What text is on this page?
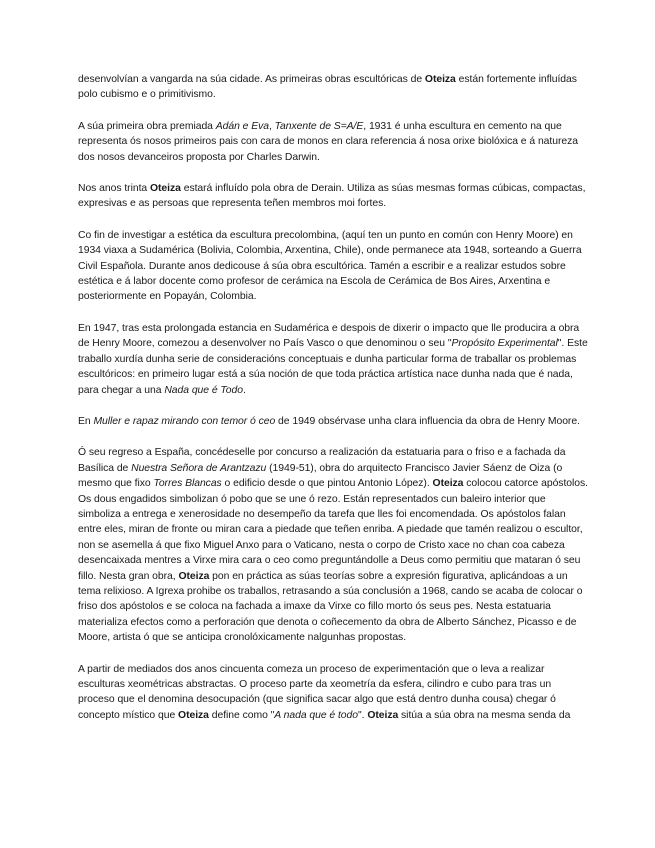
desenvolvían a vangarda na súa cidade. As primeiras obras escultóricas de Oteiza están fortemente influídas polo cubismo e o primitivismo.

A súa primeira obra premiada Adán e Eva, Tanxente de S=A/E, 1931 é unha escultura en cemento na que representa ós nosos primeiros pais con cara de monos en clara referencia á nosa orixe biolóxica e á natureza dos nosos devanceiros proposta por Charles Darwin.

Nos anos trinta Oteiza estará influído pola obra de Derain. Utiliza as súas mesmas formas cúbicas, compactas, expresivas e as persoas que representa teñen membros moi fortes.

Co fin de investigar a estética da escultura precolombina, (aquí ten un punto en común con Henry Moore) en 1934 viaxa a Sudamérica (Bolivia, Colombia, Arxentina, Chile), onde permanece ata 1948, sorteando a Guerra Civil Española. Durante anos dedicouse á súa obra escultórica. Tamén a escribir e a realizar estudos sobre estética e á labor docente como profesor de cerámica na Escola de Cerámica de Bos Aires, Arxentina e posteriormente en Popayán, Colombia.

En 1947, tras esta prolongada estancia en Sudamérica e despois de dixerir o impacto que lle producira a obra de Henry Moore, comezou a desenvolver no País Vasco o que denominou o seu "Propósito Experimental". Este traballo xurdía dunha serie de consideracións conceptuais e dunha particular forma de traballar os problemas escultóricos: en primeiro lugar está a súa noción de que toda práctica artística nace dunha nada que é nada, para chegar a una Nada que é Todo.

En Muller e rapaz mirando con temor ó ceo de 1949 obsérvase unha clara influencia da obra de Henry Moore.

Ó seu regreso a España, concédeselle por concurso a realización da estatuaria para o friso e a fachada da Basílica de Nuestra Señora de Arantzazu (1949-51), obra do arquitecto Francisco Javier Sáenz de Oiza (o mesmo que fixo Torres Blancas o edificio desde o que pintou Antonio López). Oteiza colocou catorce apóstolos. Os dous engadidos simbolizan ó pobo que se une ó rezo. Están representados cun baleiro interior que simboliza a entrega e xenerosidade no desempeño da tarefa que lles foi encomendada. Os apóstolos falan entre eles, miran de fronte ou miran cara a piedade que teñen enriba. A piedade que tamén realizou o escultor, non se asemella á que fixo Miguel Anxo para o Vaticano, nesta o corpo de Cristo xace no chan coa cabeza desencaixada mentres a Virxe mira cara o ceo como preguntándolle a Deus como permitiu que mataran ó seu fillo. Nesta gran obra, Oteiza pon en práctica as súas teorías sobre a expresión figurativa, aplicándoas a un tema relixioso. A Igrexa prohibe os traballos, retrasando a súa conclusión a 1968, cando se acaba de colocar o friso dos apóstolos e se coloca na fachada a imaxe da Virxe co fillo morto ós seus pes. Nesta estatuaria materializa efectos como a perforación que denota o coñecemento da obra de Alberto Sánchez, Picasso e de Moore, artista ó que se anticipa cronolóxicamente nalgunhas propostas.

A partir de mediados dos anos cincuenta comeza un proceso de experimentación que o leva a realizar esculturas xeométricas abstractas. O proceso parte da xeometría da esfera, cilindro e cubo para tras un proceso que el denomina desocupación (que significa sacar algo que está dentro dunha cousa) chegar ó concepto místico que Oteiza define como "A nada que é todo". Oteiza sitúa a súa obra na mesma senda da
